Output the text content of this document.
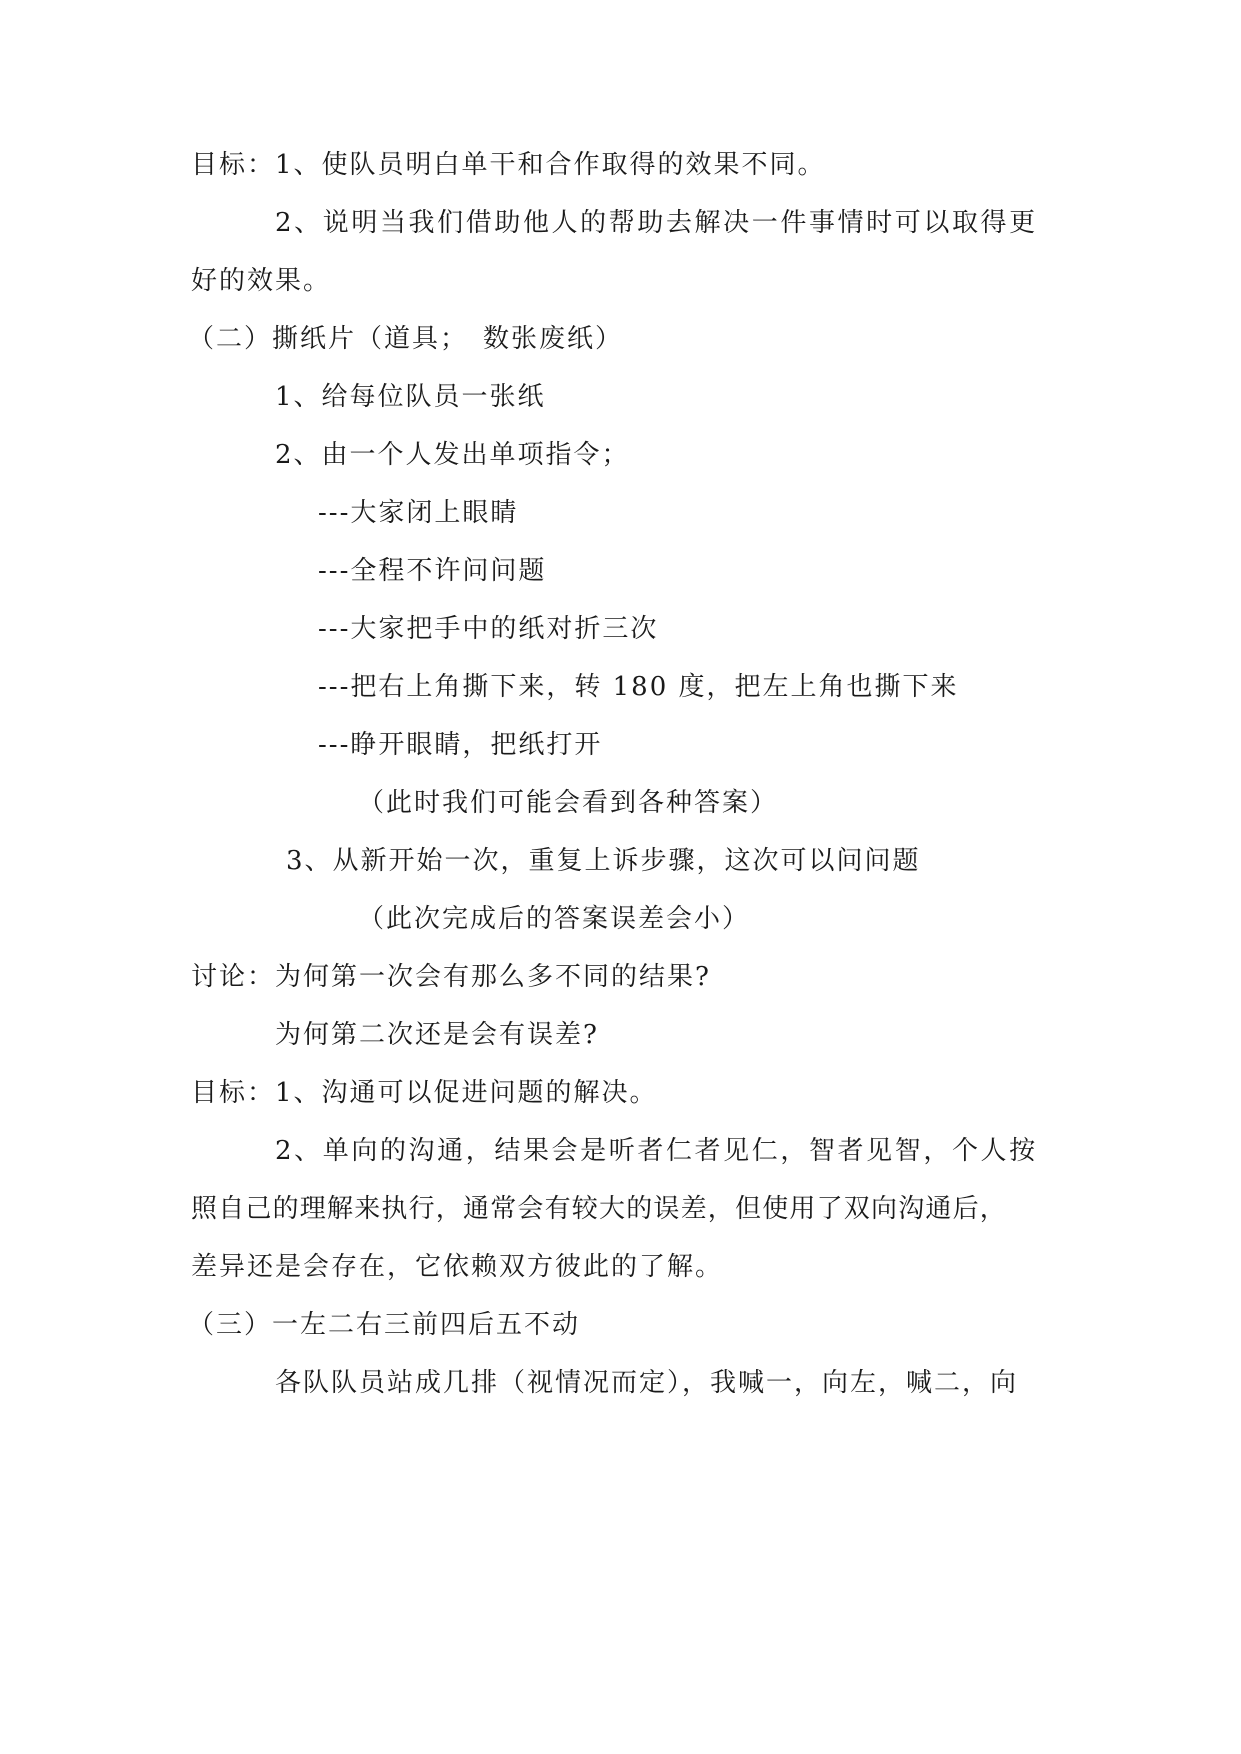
目标：1、使队员明白单干和合作取得的效果不同。
2、说明当我们借助他人的帮助去解决一件事情时可以取得更
好的效果。
（二）撕纸片（道具；　数张废纸）
1、给每位队员一张纸
2、由一个人发出单项指令；
---大家闭上眼睛
---全程不许问问题
---大家把手中的纸对折三次
---把右上角撕下来，转 180 度，把左上角也撕下来
---睁开眼睛，把纸打开
（此时我们可能会看到各种答案）
3、从新开始一次，重复上诉步骤，这次可以问问题
（此次完成后的答案误差会小）
讨论：为何第一次会有那么多不同的结果?
为何第二次还是会有误差?
目标：1、沟通可以促进问题的解决。
2、单向的沟通，结果会是听者仁者见仁，智者见智，个人按
照自己的理解来执行，通常会有较大的误差，但使用了双向沟通后，
差异还是会存在，它依赖双方彼此的了解。
（三）一左二右三前四后五不动
各队队员站成几排（视情况而定），我喊一，向左，喊二，向
